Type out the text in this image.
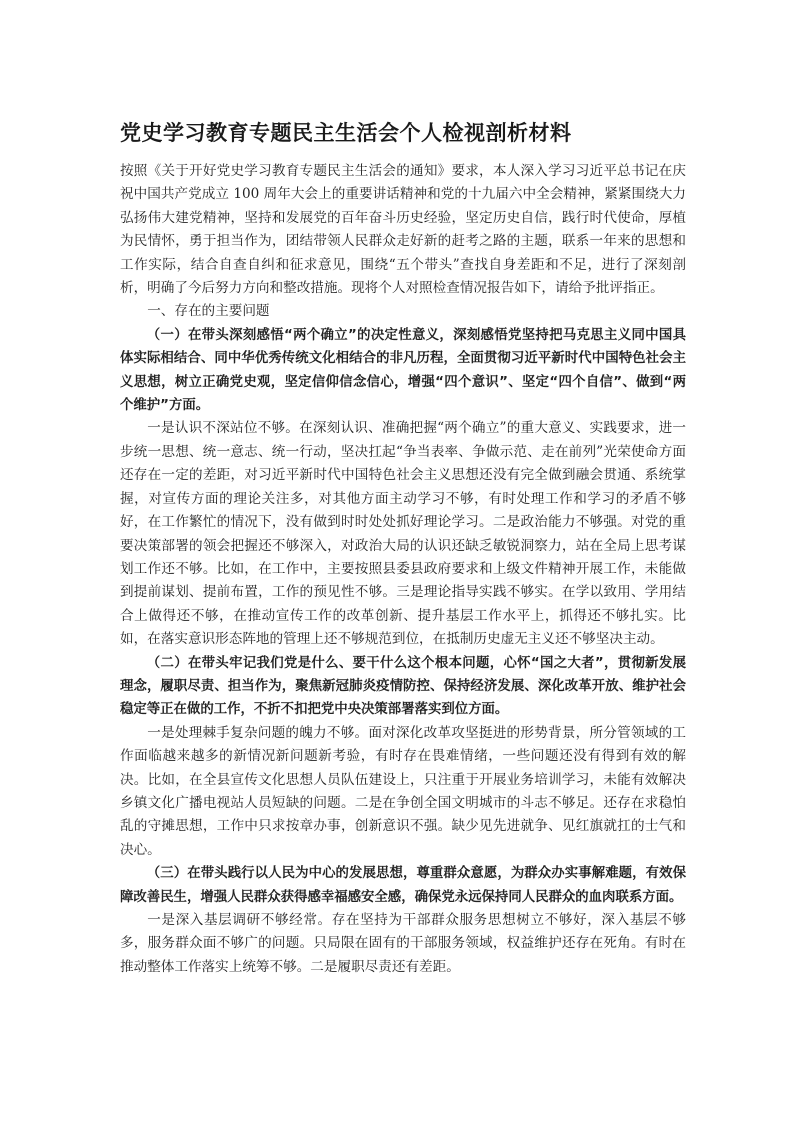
党史学习教育专题民主生活会个人检视剖析材料

按照《关于开好党史学习教育专题民主生活会的通知》要求，本人深入学习习近平总书记在庆祝中国共产党成立 100 周年大会上的重要讲话精神和党的十九届六中全会精神，紧紧围绕大力弘扬伟大建党精神，坚持和发展党的百年奋斗历史经验，坚定历史自信，践行时代使命，厚植为民情怀，勇于担当作为，团结带领人民群众走好新的赶考之路的主题，联系一年来的思想和工作实际，结合自查自纠和征求意见，围绕“五个带头”查找自身差距和不足，进行了深刻剖析，明确了今后努力方向和整改措施。现将个人对照检查情况报告如下，请给予批评指正。

一、存在的主要问题

（一）在带头深刻感悟“两个确立”的决定性意义，深刻感悟党坚持把马克思主义同中国具体实际相结合、同中华优秀传统文化相结合的非凡历程，全面贯彻习近平新时代中国特色社会主义思想，树立正确党史观，坚定信仰信念信心，增强“四个意识”、坚定“四个自信”、做到“两个维护”方面。

一是认识不深站位不够。在深刻认识、准确把握“两个确立”的重大意义、实践要求，进一步统一思想、统一意志、统一行动，坚决扛起“争当表率、争做示范、走在前列”光荣使命方面还存在一定的差距，对习近平新时代中国特色社会主义思想还没有完全做到融会贯通、系统掌握，对宣传方面的理论关注多，对其他方面主动学习不够，有时处理工作和学习的矛盾不够好，在工作繁忙的情况下，没有做到时时处处抓好理论学习。二是政治能力不够强。对党的重要决策部署的领会把握还不够深入，对政治大局的认识还缺乏敏锐洞察力，站在全局上思考谋划工作还不够。比如，在工作中，主要按照县委县政府要求和上级文件精神开展工作，未能做到提前谋划、提前布置，工作的预见性不够。三是理论指导实践不够实。在学以致用、学用结合上做得还不够，在推动宣传工作的改革创新、提升基层工作水平上，抓得还不够扎实。比如，在落实意识形态阵地的管理上还不够规范到位，在抵制历史虚无主义还不够坚决主动。

（二）在带头牢记我们党是什么、要干什么这个根本问题，心怀“国之大者”，贯彻新发展理念，履职尽责、担当作为，聚焦新冠肺炎疫情防控、保持经济发展、深化改革开放、维护社会稳定等正在做的工作，不折不扣把党中央决策部署落实到位方面。

一是处理棘手复杂问题的魄力不够。面对深化改革攻坚挺进的形势背景，所分管领域的工作面临越来越多的新情况新问题新考验，有时存在畏难情绪，一些问题还没有得到有效的解决。比如，在全县宣传文化思想人员队伍建设上，只注重于开展业务培训学习，未能有效解决乡镇文化广播电视站人员短缺的问题。二是在争创全国文明城市的斗志不够足。还存在求稳怕乱的守摊思想，工作中只求按章办事，创新意识不强。缺少见先进就争、见红旗就扛的士气和决心。

（三）在带头践行以人民为中心的发展思想，尊重群众意愿，为群众办实事解难题，有效保障改善民生，增强人民群众获得感幸福感安全感，确保党永远保持同人民群众的血肉联系方面。

一是深入基层调研不够经常。存在坚持为干部群众服务思想树立不够好，深入基层不够多，服务群众面不够广的问题。只局限在固有的干部服务领域，权益维护还存在死角。有时在推动整体工作落实上统筹不够。二是履职尽责还有差距。
